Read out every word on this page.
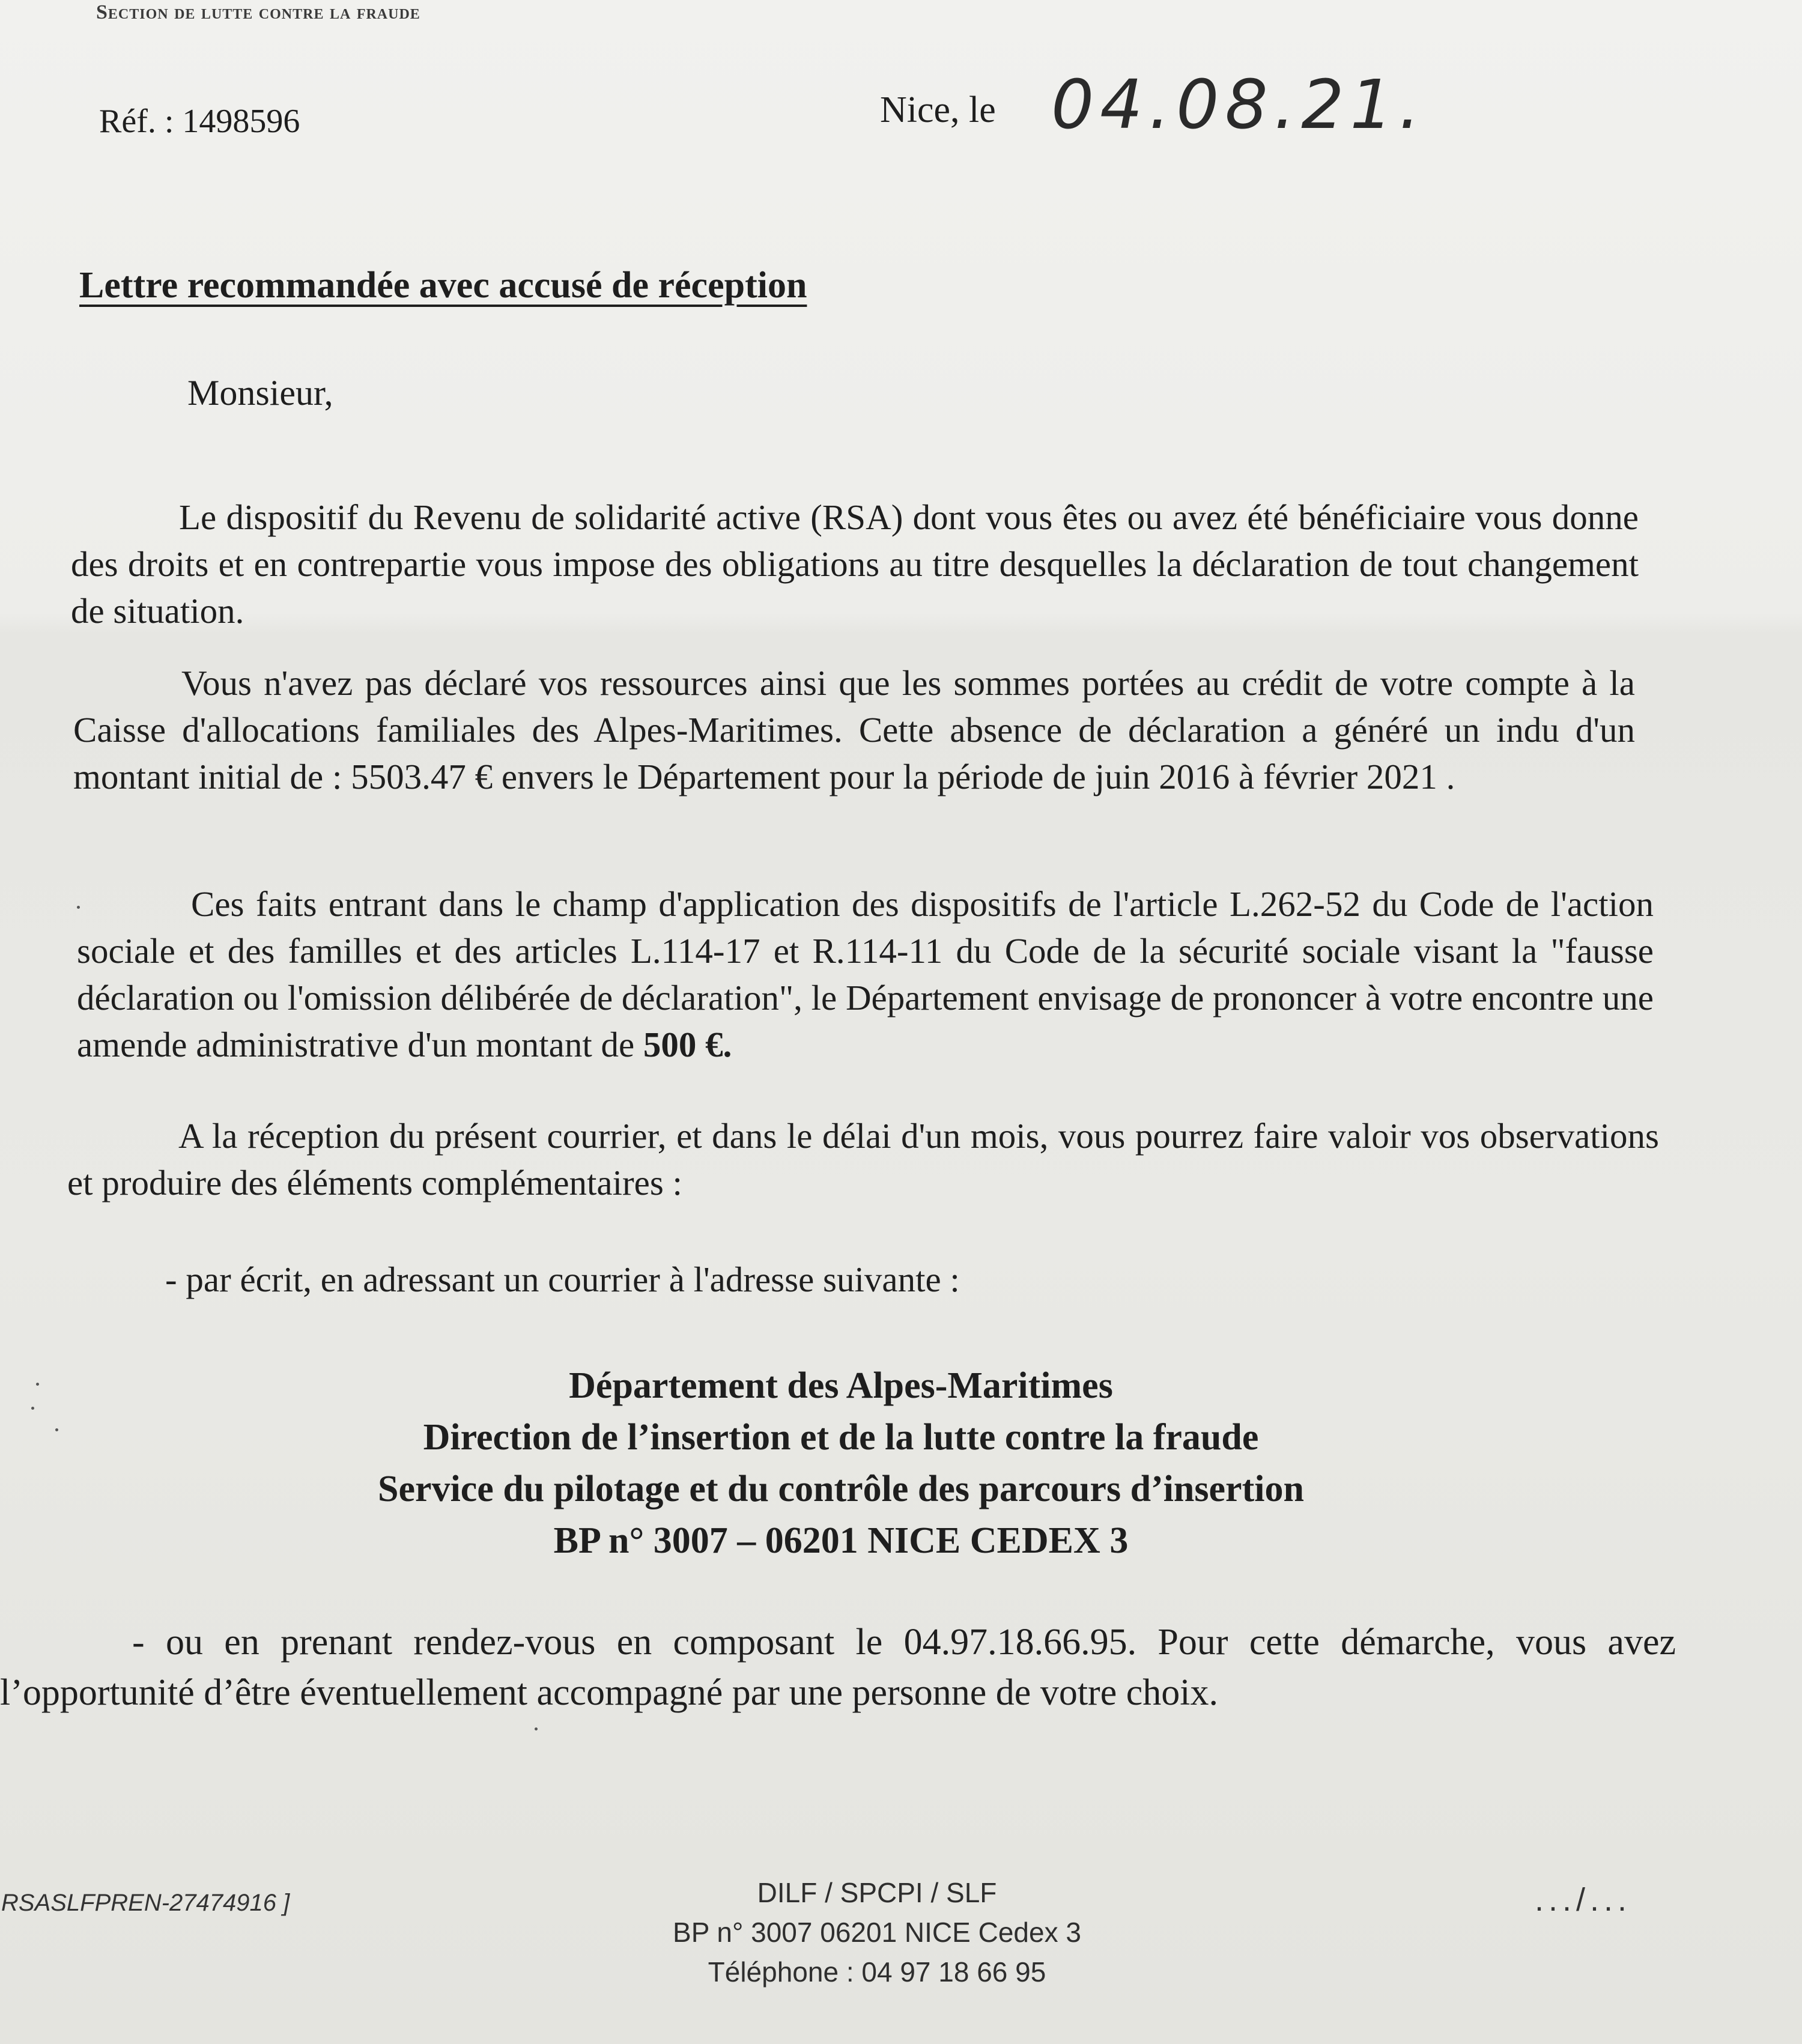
Section de lutte contre la fraude
Réf. : 1498596	Nice, le 04.08.21.
Lettre recommandée avec accusé de réception
Monsieur,
Le dispositif du Revenu de solidarité active (RSA) dont vous êtes ou avez été bénéficiaire vous donne des droits et en contrepartie vous impose des obligations au titre desquelles la déclaration de tout changement de situation.
Vous n'avez pas déclaré vos ressources ainsi que les sommes portées au crédit de votre compte à la Caisse d'allocations familiales des Alpes-Maritimes. Cette absence de déclaration a généré un indu d'un montant initial de : 5503.47 € envers le Département pour la période de juin 2016 à février 2021 .
Ces faits entrant dans le champ d'application des dispositifs de l'article L.262-52 du Code de l'action sociale et des familles et des articles L.114-17 et R.114-11 du Code de la sécurité sociale visant la "fausse déclaration ou l'omission délibérée de déclaration", le Département envisage de prononcer à votre encontre une amende administrative d'un montant de 500 €.
A la réception du présent courrier, et dans le délai d'un mois, vous pourrez faire valoir vos observations et produire des éléments complémentaires :
- par écrit, en adressant un courrier à l'adresse suivante :
Département des Alpes-Maritimes
Direction de l’insertion et de la lutte contre la fraude
Service du pilotage et du contrôle des parcours d’insertion
BP n° 3007 – 06201 NICE CEDEX 3
- ou en prenant rendez-vous en composant le 04.97.18.66.95. Pour cette démarche, vous avez l’opportunité d’être éventuellement accompagné par une personne de votre choix.
RSASLFPREN-27474916 ]	DILF / SPCPI / SLF
BP n° 3007 06201 NICE Cedex 3
Téléphone : 04 97 18 66 95
.../...
